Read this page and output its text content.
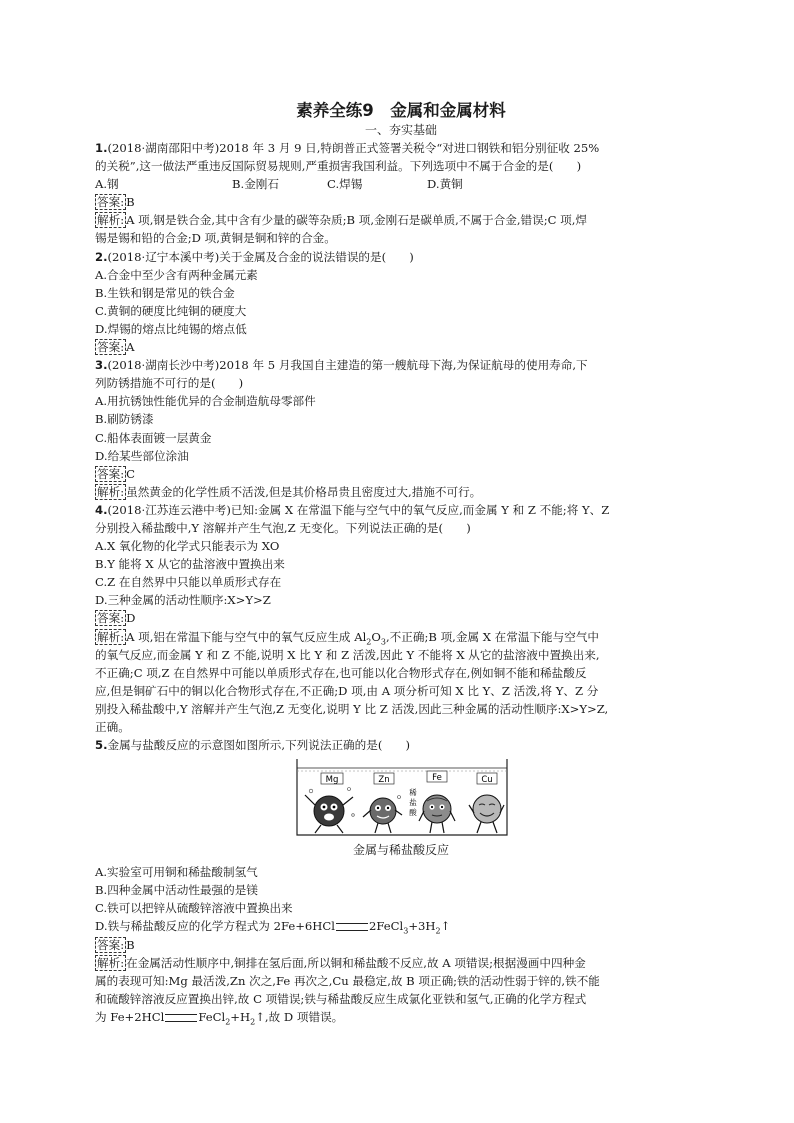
素养全练9　金属和金属材料
一、夯实基础

1.(2018·湖南邵阳中考)2018 年 3 月 9 日,特朗普正式签署关税令“对进口钢铁和铝分别征收 25%

的关税”,这一做法严重违反国际贸易规则,严重损害我国利益。下列选项中不属于合金的是(　　)

A.钢	B.金刚石	C.焊锡	D.黄铜

答案: B

解析: A 项,钢是铁合金,其中含有少量的碳等杂质;B 项,金刚石是碳单质,不属于合金,错误;C 项,焊

锡是锡和铅的合金;D 项,黄铜是铜和锌的合金。

2.(2018·辽宁本溪中考)关于金属及合金的说法错误的是(　　)

A.合金中至少含有两种金属元素

B.生铁和钢是常见的铁合金

C.黄铜的硬度比纯铜的硬度大

D.焊锡的熔点比纯锡的熔点低

答案: A

3.(2018·湖南长沙中考)2018 年 5 月我国自主建造的第一艘航母下海,为保证航母的使用寿命,下

列防锈措施不可行的是(　　)

A.用抗锈蚀性能优异的合金制造航母零部件

B.刷防锈漆

C.船体表面镀一层黄金

D.给某些部位涂油

答案: C

解析: 虽然黄金的化学性质不活泼,但是其价格昂贵且密度过大,措施不可行。

4.(2018·江苏连云港中考)已知:金属 X 在常温下能与空气中的氧气反应,而金属 Y 和 Z 不能;将 Y、Z

分别投入稀盐酸中,Y 溶解并产生气泡,Z 无变化。下列说法正确的是(　　)

A.X 氧化物的化学式只能表示为 XO

B.Y 能将 X 从它的盐溶液中置换出来

C.Z 在自然界中只能以单质形式存在

D.三种金属的活动性顺序:X>Y>Z

答案: D

解析: A 项,铝在常温下能与空气中的氧气反应生成 $Al_2O_3$,不正确;B 项,金属 X 在常温下能与空气中

的氧气反应,而金属 Y 和 Z 不能,说明 X 比 Y 和 Z 活泼,因此 Y 不能将 X 从它的盐溶液中置换出来,

不正确;C 项,Z 在自然界中可能以单质形式存在,也可能以化合物形式存在,例如铜不能和稀盐酸反

应,但是铜矿石中的铜以化合物形式存在,不正确;D 项,由 A 项分析可知 X 比 Y、Z 活泼,将 Y、Z 分

别投入稀盐酸中,Y 溶解并产生气泡,Z 无变化,说明 Y 比 Z 活泼,因此三种金属的活动性顺序:X>Y>Z,

正确。

5.金属与盐酸反应的示意图如图所示,下列说法正确的是(　　)

Mg	Zn	Fe	Cu
稀
盐
酸
金属与稀盐酸反应

A.实验室可用铜和稀盐酸制氢气

B.四种金属中活动性最强的是镁

C.铁可以把锌从硫酸锌溶液中置换出来

D.铁与稀盐酸反应的化学方程式为 2Fe+6HCl	$2FeCl_3+3H_2↑$

答案: B

解析: 在金属活动性顺序中,铜排在氢后面,所以铜和稀盐酸不反应,故 A 项错误;根据漫画中四种金

属的表现可知:Mg 最活泼,Zn 次之,Fe 再次之,Cu 最稳定,故 B 项正确;铁的活动性弱于锌的,铁不能

和硫酸锌溶液反应置换出锌,故 C 项错误;铁与稀盐酸反应生成氯化亚铁和氢气,正确的化学方程式

为 Fe+2HCl	$FeCl_2+H_2↑$,故 D 项错误。
